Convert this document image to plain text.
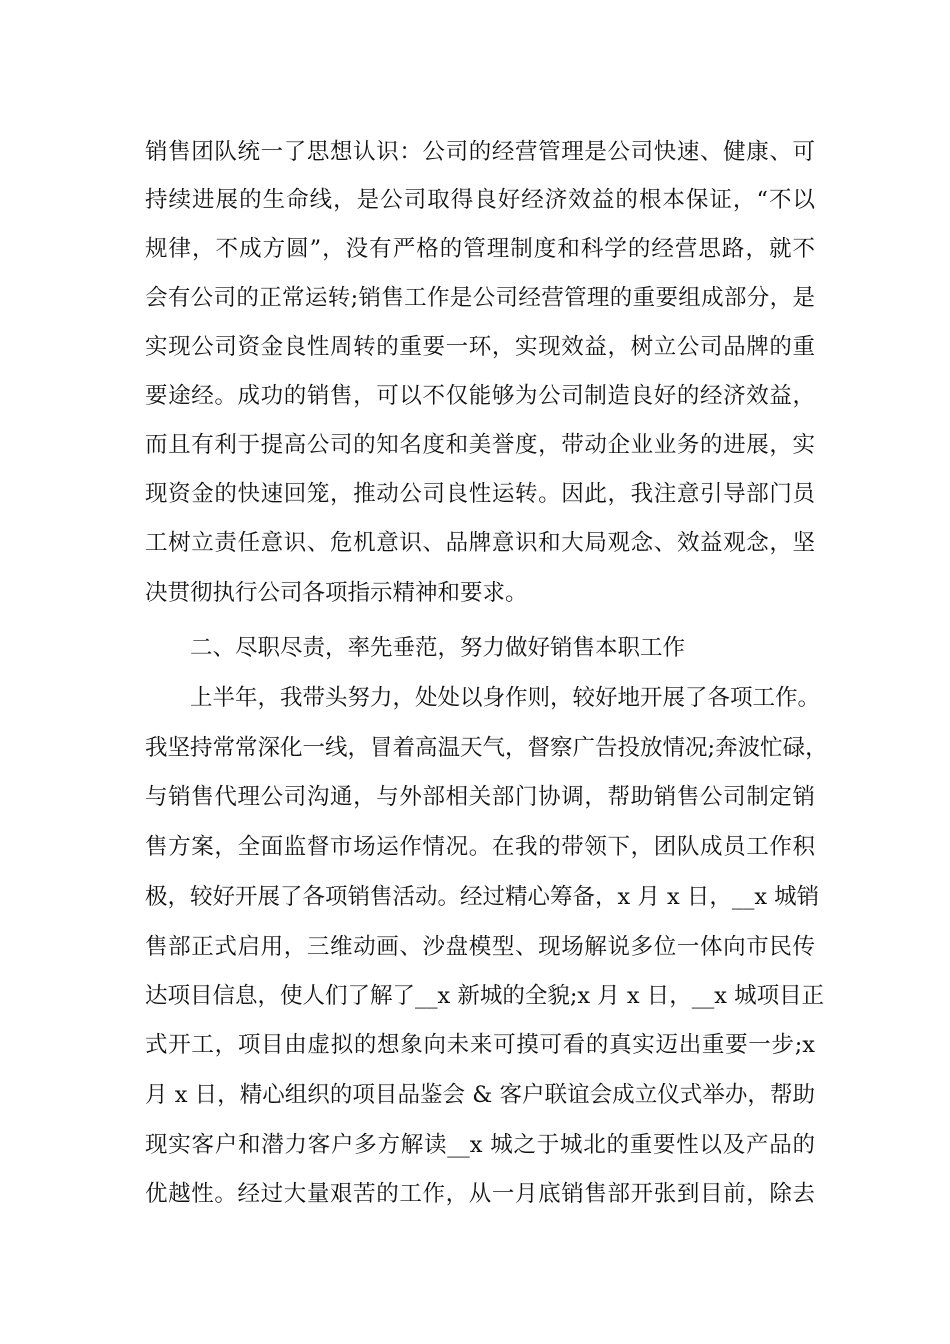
销售团队统一了思想认识：公司的经营管理是公司快速、健康、可
持续进展的生命线，是公司取得良好经济效益的根本保证，“不以
规律，不成方圆”，没有严格的管理制度和科学的经营思路，就不
会有公司的正常运转;销售工作是公司经营管理的重要组成部分，是
实现公司资金良性周转的重要一环，实现效益，树立公司品牌的重
要途经。成功的销售，可以不仅能够为公司制造良好的经济效益，
而且有利于提高公司的知名度和美誉度，带动企业业务的进展，实
现资金的快速回笼，推动公司良性运转。因此，我注意引导部门员
工树立责任意识、危机意识、品牌意识和大局观念、效益观念，坚
决贯彻执行公司各项指示精神和要求。
二、尽职尽责，率先垂范，努力做好销售本职工作
上半年，我带头努力，处处以身作则，较好地开展了各项工作。
我坚持常常深化一线，冒着高温天气，督察广告投放情况;奔波忙碌，
与销售代理公司沟通，与外部相关部门协调，帮助销售公司制定销
售方案，全面监督市场运作情况。在我的带领下，团队成员工作积
极，较好开展了各项销售活动。经过精心筹备，x 月 x 日，__x 城销
售部正式启用，三维动画、沙盘模型、现场解说多位一体向市民传
达项目信息，使人们了解了__x 新城的全貌;x 月 x 日，__x 城项目正
式开工，项目由虚拟的想象向未来可摸可看的真实迈出重要一步;x
月 x 日，精心组织的项目品鉴会 & 客户联谊会成立仪式举办，帮助
现实客户和潜力客户多方解读__x 城之于城北的重要性以及产品的
优越性。经过大量艰苦的工作，从一月底销售部开张到目前，除去
